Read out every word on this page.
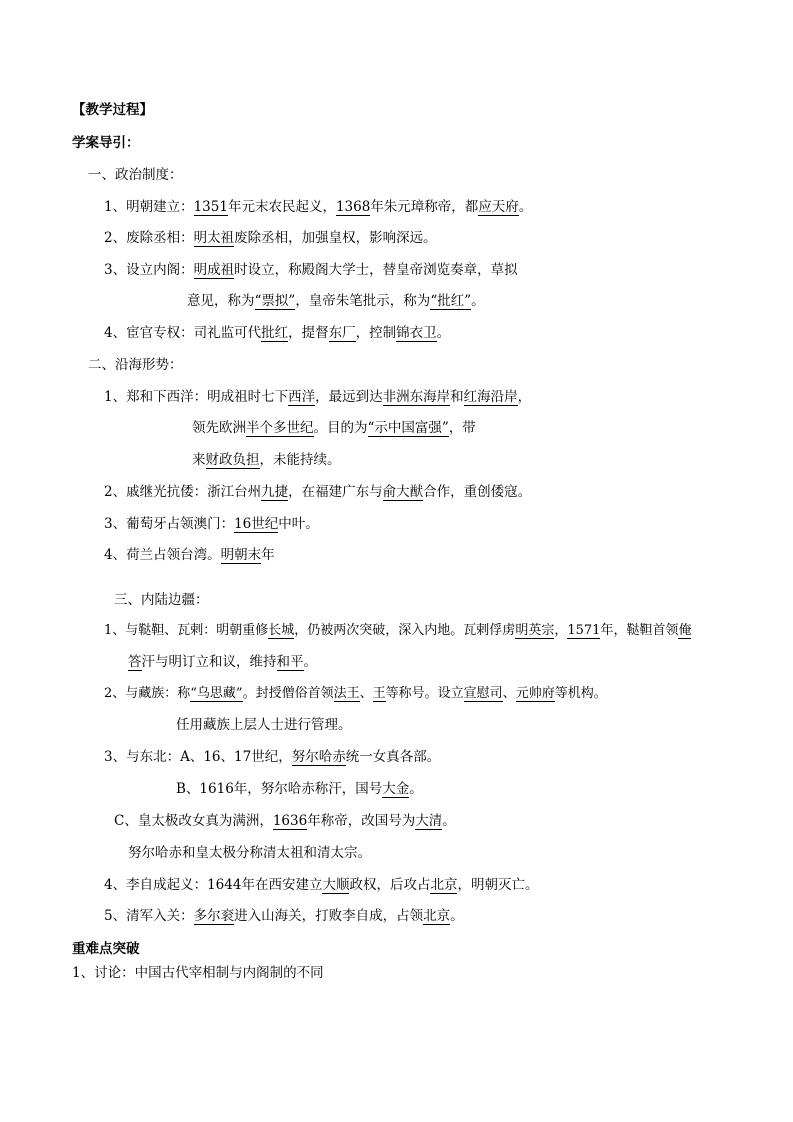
【教学过程】
学案导引：
一、政治制度：
1、明朝建立：1351年元末农民起义，1368年朱元璋称帝，都应天府。
2、废除丞相：明太祖废除丞相，加强皇权，影响深远。
3、设立内阁：明成祖时设立，称殿阁大学士，替皇帝浏览奏章，草拟
意见，称为“票拟”，皇帝朱笔批示，称为“批红”。
4、宦官专权：司礼监可代批红，提督东厂，控制锦衣卫。
二、沿海形势：
1、郑和下西洋：明成祖时七下西洋，最远到达非洲东海岸和红海沿岸，
领先欧洲半个多世纪。目的为“示中国富强”，带
来财政负担，未能持续。
2、戚继光抗倭：浙江台州九捷，在福建广东与俞大猷合作，重创倭寇。
3、葡萄牙占领澳门：16世纪中叶。
4、荷兰占领台湾。明朝末年
三、内陆边疆：
1、与鞑靼、瓦剌：明朝重修长城，仍被两次突破，深入内地。瓦剌俘虏明英宗，1571年，鞑靼首领俺
答汗与明订立和议，维持和平。
2、与藏族：称“乌思藏”。封授僧俗首领法王、王等称号。设立宣慰司、元帅府等机构。
任用藏族上层人士进行管理。
3、与东北：A、16、17世纪，努尔哈赤统一女真各部。
B、1616年，努尔哈赤称汗，国号大金。
C、皇太极改女真为满洲，1636年称帝，改国号为大清。
努尔哈赤和皇太极分称清太祖和清太宗。
4、李自成起义：1644年在西安建立大顺政权，后攻占北京，明朝灭亡。
5、清军入关：多尔衮进入山海关，打败李自成，占领北京。
重难点突破
1、讨论：中国古代宰相制与内阁制的不同
